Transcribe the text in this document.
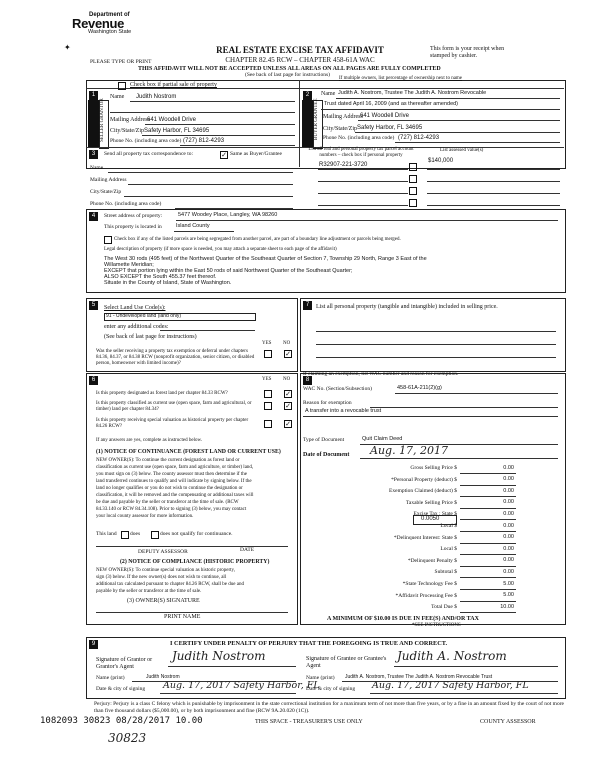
Department of
Revenue
Washington State
✦
PLEASE TYPE OR PRINT
REAL ESTATE EXCISE TAX AFFIDAVIT
CHAPTER 82.45 RCW – CHAPTER 458-61A WAC
THIS AFFIDAVIT WILL NOT BE ACCEPTED UNLESS ALL AREAS ON ALL PAGES ARE FULLY COMPLETED
(See back of last page for instructions)
This form is your receipt when stamped by cashier.
Check box if partial sale of property
If multiple owners, list percentage of ownership next to name
1
SELLER GRANTOR
Name Judith Nostrom
Mailing Address
641 Woodell Drive
City/State/Zip Safety Harbor, FL 34695
Phone No. (including area code) (727) 812-4293
2
BUYER GRANTEE
Name Judith A. Nostrom, Trustee The Judith A. Nostrom Revocable
Trust dated April 16, 2009 (and as thereafter amended)
Mailing Address
641 Woodell Drive
City/State/Zip Safety Harbor, FL 34695
Phone No. (including area code) (727) 812-4293
3	Send all property tax correspondence to:	✓ Same as Buyer/Grantee
Name
Mailing Address
City/State/Zip
Phone No. (including area code)
List all real and personal property tax parcel account numbers – check box if personal property
List assessed value(s)
R32907-221-3720
$140,000
4	Street address of property:	5477 Woodey Place, Langley, WA 98260
This property is located in	Island County
Check box if any of the listed parcels are being segregated from another parcel, are part of a boundary line adjustment or parcels being merged.
Legal description of property (if more space is needed, you may attach a separate sheet to each page of the affidavit)
The West 30 rods (495 feet) of the Northwest Quarter of the Southeast Quarter of Section 7, Township 29 North, Range 3 East of the
Willamette Meridian;
EXCEPT that portion lying within the East 50 rods of said Northwest Quarter of the Southeast Quarter;
ALSO EXCEPT the South 455.37 feet thereof.
Situate in the County of Island, State of Washington.
5	Select Land Use Code(s):
91 - Undeveloped land (land only)
enter any additional codes:
(See back of last page for instructions)
YES NO
Was the seller receiving a property tax exemption or deferral under chapters 84.36, 84.37, or 84.38 RCW (nonprofit organization, senior citizen, or disabled person, homeowner with limited income)?
✓
7	List all personal property (tangible and intangible) included in selling price.
6	YES NO
Is this property designated as forest land per chapter 84.33 RCW?	✓
Is this property classified as current use (open space, farm and agricultural, or timber) land per chapter 84.34?	✓
Is this property receiving special valuation as historical property per chapter 84.26 RCW?	✓
If any answers are yes, complete as instructed below.
(1) NOTICE OF CONTINUANCE (FOREST LAND OR CURRENT USE)
NEW OWNER(S): To continue the current designation as forest land or
classification as current use (open space, farm and agriculture, or timber) land,
you must sign on (3) below. The county assessor must then determine if the
land transferred continues to qualify and will indicate by signing below. If the
land no longer qualifies or you do not wish to continue the designation or
classification, it will be removed and the compensating or additional taxes will
be due and payable by the seller or transferor at the time of sale. (RCW
84.33.140 or RCW 84.34.108). Prior to signing (3) below, you may contact
your local county assessor for more information.
This land does	does not qualify for continuance.
DEPUTY ASSESSOR	DATE
(2) NOTICE OF COMPLIANCE (HISTORIC PROPERTY)
NEW OWNER(S): To continue special valuation as historic property,
sign (3) below. If the new owner(s) does not wish to continue, all
additional tax calculated pursuant to chapter 84.26 RCW, shall be due and
payable by the seller or transferor at the time of sale.
(3) OWNER(S) SIGNATURE
PRINT NAME
8
If claiming an exemption, list WAC number and reason for exemption.
WAC No. (Section/Subsection)	458-61A-211(2)(g)
Reason for exemption
A transfer into a revocable trust
Type of Document	Quit Claim Deed
Date of Document Aug. 17, 2017
Gross Selling Price $	0.00
*Personal Property (deduct) $	0.00
Exemption Claimed (deduct) $	0.00
Taxable Selling Price $	0.00
Excise Tax : State $	0.00
Local $	0.00
*Delinquent Interest: State $	0.00
Local $	0.00
*Delinquent Penalty $	0.00
Subtotal $	0.00
*State Technology Fee $	5.00
*Affidavit Processing Fee $	5.00
Total Due $	10.00
0.0050
A MINIMUM OF $10.00 IS DUE IN FEE(S) AND/OR TAX
*SEE INSTRUCTIONS
9	I CERTIFY UNDER PENALTY OF PERJURY THAT THE FOREGOING IS TRUE AND CORRECT.
Signature of Grantor or Grantor's Agent
Judith Nostrom
Name (print)	Judith Nostrom
Date & city of signing Aug. 17, 2017 Safety Harbor, FL
Signature of Grantee or Grantee's Agent
Judith A. Nostrom
Name (print) Judith A. Nostrom, Trustee The Judith A. Nostrom Revocable Trust
Date & city of signing Aug. 17, 2017 Safety Harbor, FL
Perjury: Perjury is a class C felony which is punishable by imprisonment in the state correctional institution for a maximum term of not more than five years, or by a fine in an amount fixed by the court of not more than five thousand dollars ($5,000.00), or by both imprisonment and fine (RCW 9A.20.020 (1C)).
1082093 30823 08/28/2017 10.00	THIS SPACE - TREASURER'S USE ONLY	COUNTY ASSESSOR
30823
